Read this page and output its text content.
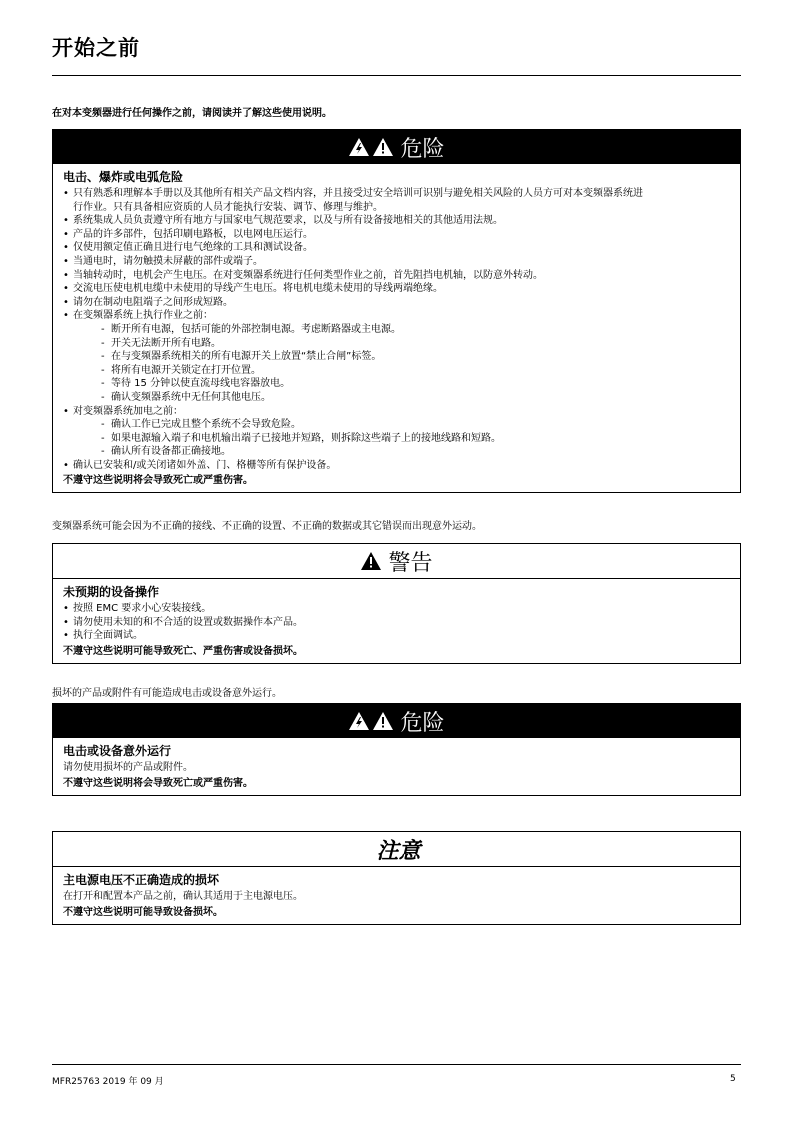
开始之前
在对本变频器进行任何操作之前，请阅读并了解这些使用说明。
危险
电击、爆炸或电弧危险
• 只有熟悉和理解本手册以及其他所有相关产品文档内容，并且接受过安全培训可识别与避免相关风险的人员方可对本变频器系统进
行作业。只有具备相应资质的人员才能执行安装、调节、修理与维护。
• 系统集成人员负责遵守所有地方与国家电气规范要求，以及与所有设备接地相关的其他适用法规。
• 产品的许多部件，包括印刷电路板，以电网电压运行。
• 仅使用额定值正确且进行电气绝缘的工具和测试设备。
• 当通电时，请勿触摸未屏蔽的部件或端子。
• 当轴转动时，电机会产生电压。在对变频器系统进行任何类型作业之前，首先阻挡电机轴，以防意外转动。
• 交流电压使电机电缆中未使用的导线产生电压。将电机电缆未使用的导线两端绝缘。
• 请勿在制动电阻端子之间形成短路。
• 在变频器系统上执行作业之前：
- 断开所有电源，包括可能的外部控制电源。考虑断路器或主电源。
- 开关无法断开所有电路。
- 在与变频器系统相关的所有电源开关上放置“禁止合闸”标签。
- 将所有电源开关锁定在打开位置。
- 等待 15 分钟以使直流母线电容器放电。
- 确认变频器系统中无任何其他电压。
• 对变频器系统加电之前：
- 确认工作已完成且整个系统不会导致危险。
- 如果电源输入端子和电机输出端子已接地并短路，则拆除这些端子上的接地线路和短路。
- 确认所有设备都正确接地。
• 确认已安装和/或关闭诸如外盖、门、格栅等所有保护设备。
不遵守这些说明将会导致死亡或严重伤害。
变频器系统可能会因为不正确的接线、不正确的设置、不正确的数据或其它错误而出现意外运动。
警告
未预期的设备操作
• 按照 EMC 要求小心安装接线。
• 请勿使用未知的和不合适的设置或数据操作本产品。
• 执行全面调试。
不遵守这些说明可能导致死亡、严重伤害或设备损坏。
损坏的产品或附件有可能造成电击或设备意外运行。
危险
电击或设备意外运行
请勿使用损坏的产品或附件。
不遵守这些说明将会导致死亡或严重伤害。
注意
主电源电压不正确造成的损坏
在打开和配置本产品之前，确认其适用于主电源电压。
不遵守这些说明可能导致设备损坏。
MFR25763 2019 年 09 月	5
